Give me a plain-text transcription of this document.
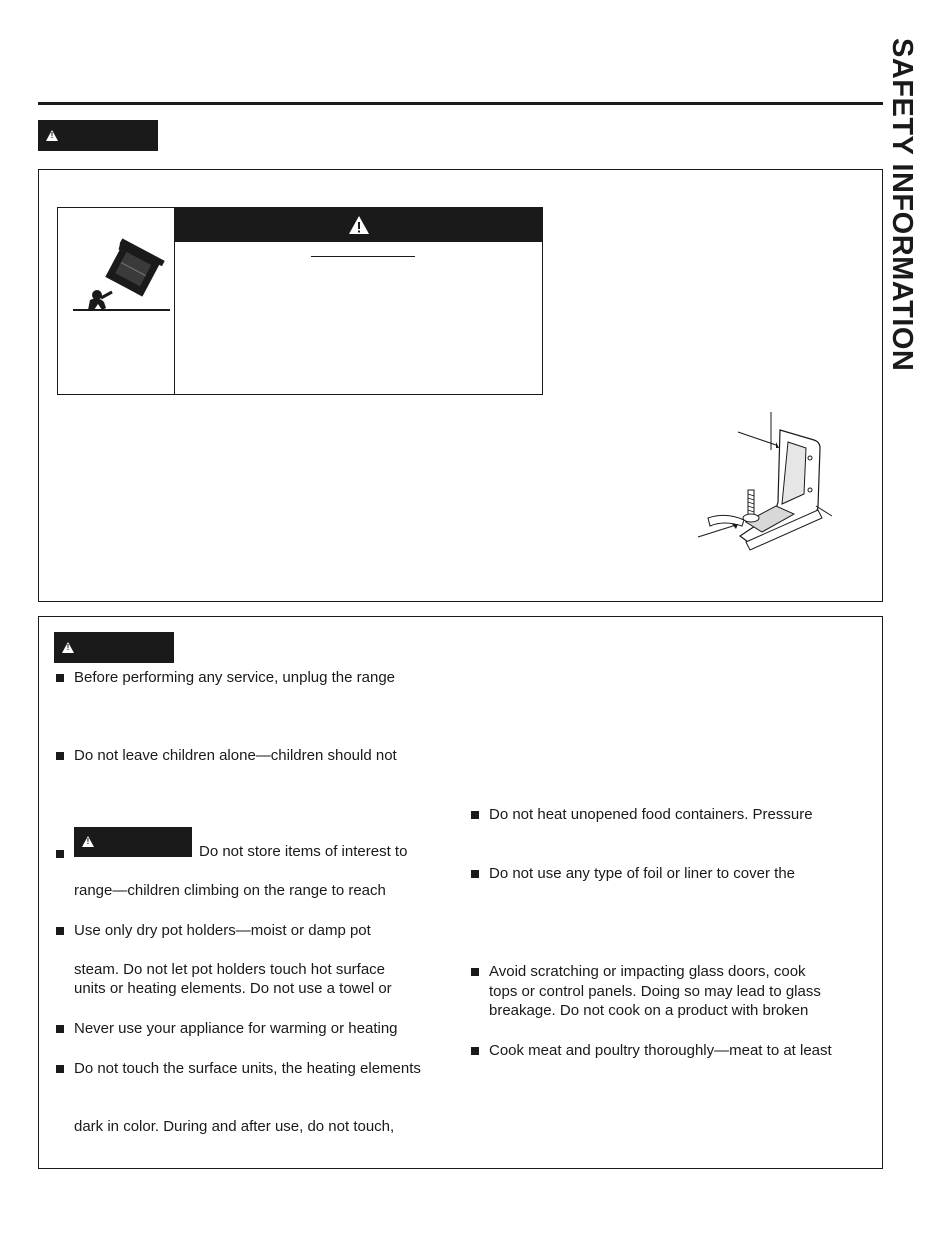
SAFETY INFORMATION
!
!
Before performing any service, unplug the range
Do not leave children alone—children should not
!
Do not store items of interest to
range—children climbing on the range to reach
Use only dry pot holders—moist or damp pot
steam. Do not let pot holders touch hot surface
units or heating elements. Do not use a towel or
Never use your appliance for warming or heating
Do not touch the surface units, the heating elements
dark in color. During and after use, do not touch,
Do not heat unopened food containers. Pressure
Do not use any type of foil or liner to cover the
Avoid scratching or impacting glass doors, cook
tops or control panels. Doing so may lead to glass
breakage. Do not cook on a product with broken
Cook meat and poultry thoroughly—meat to at least
